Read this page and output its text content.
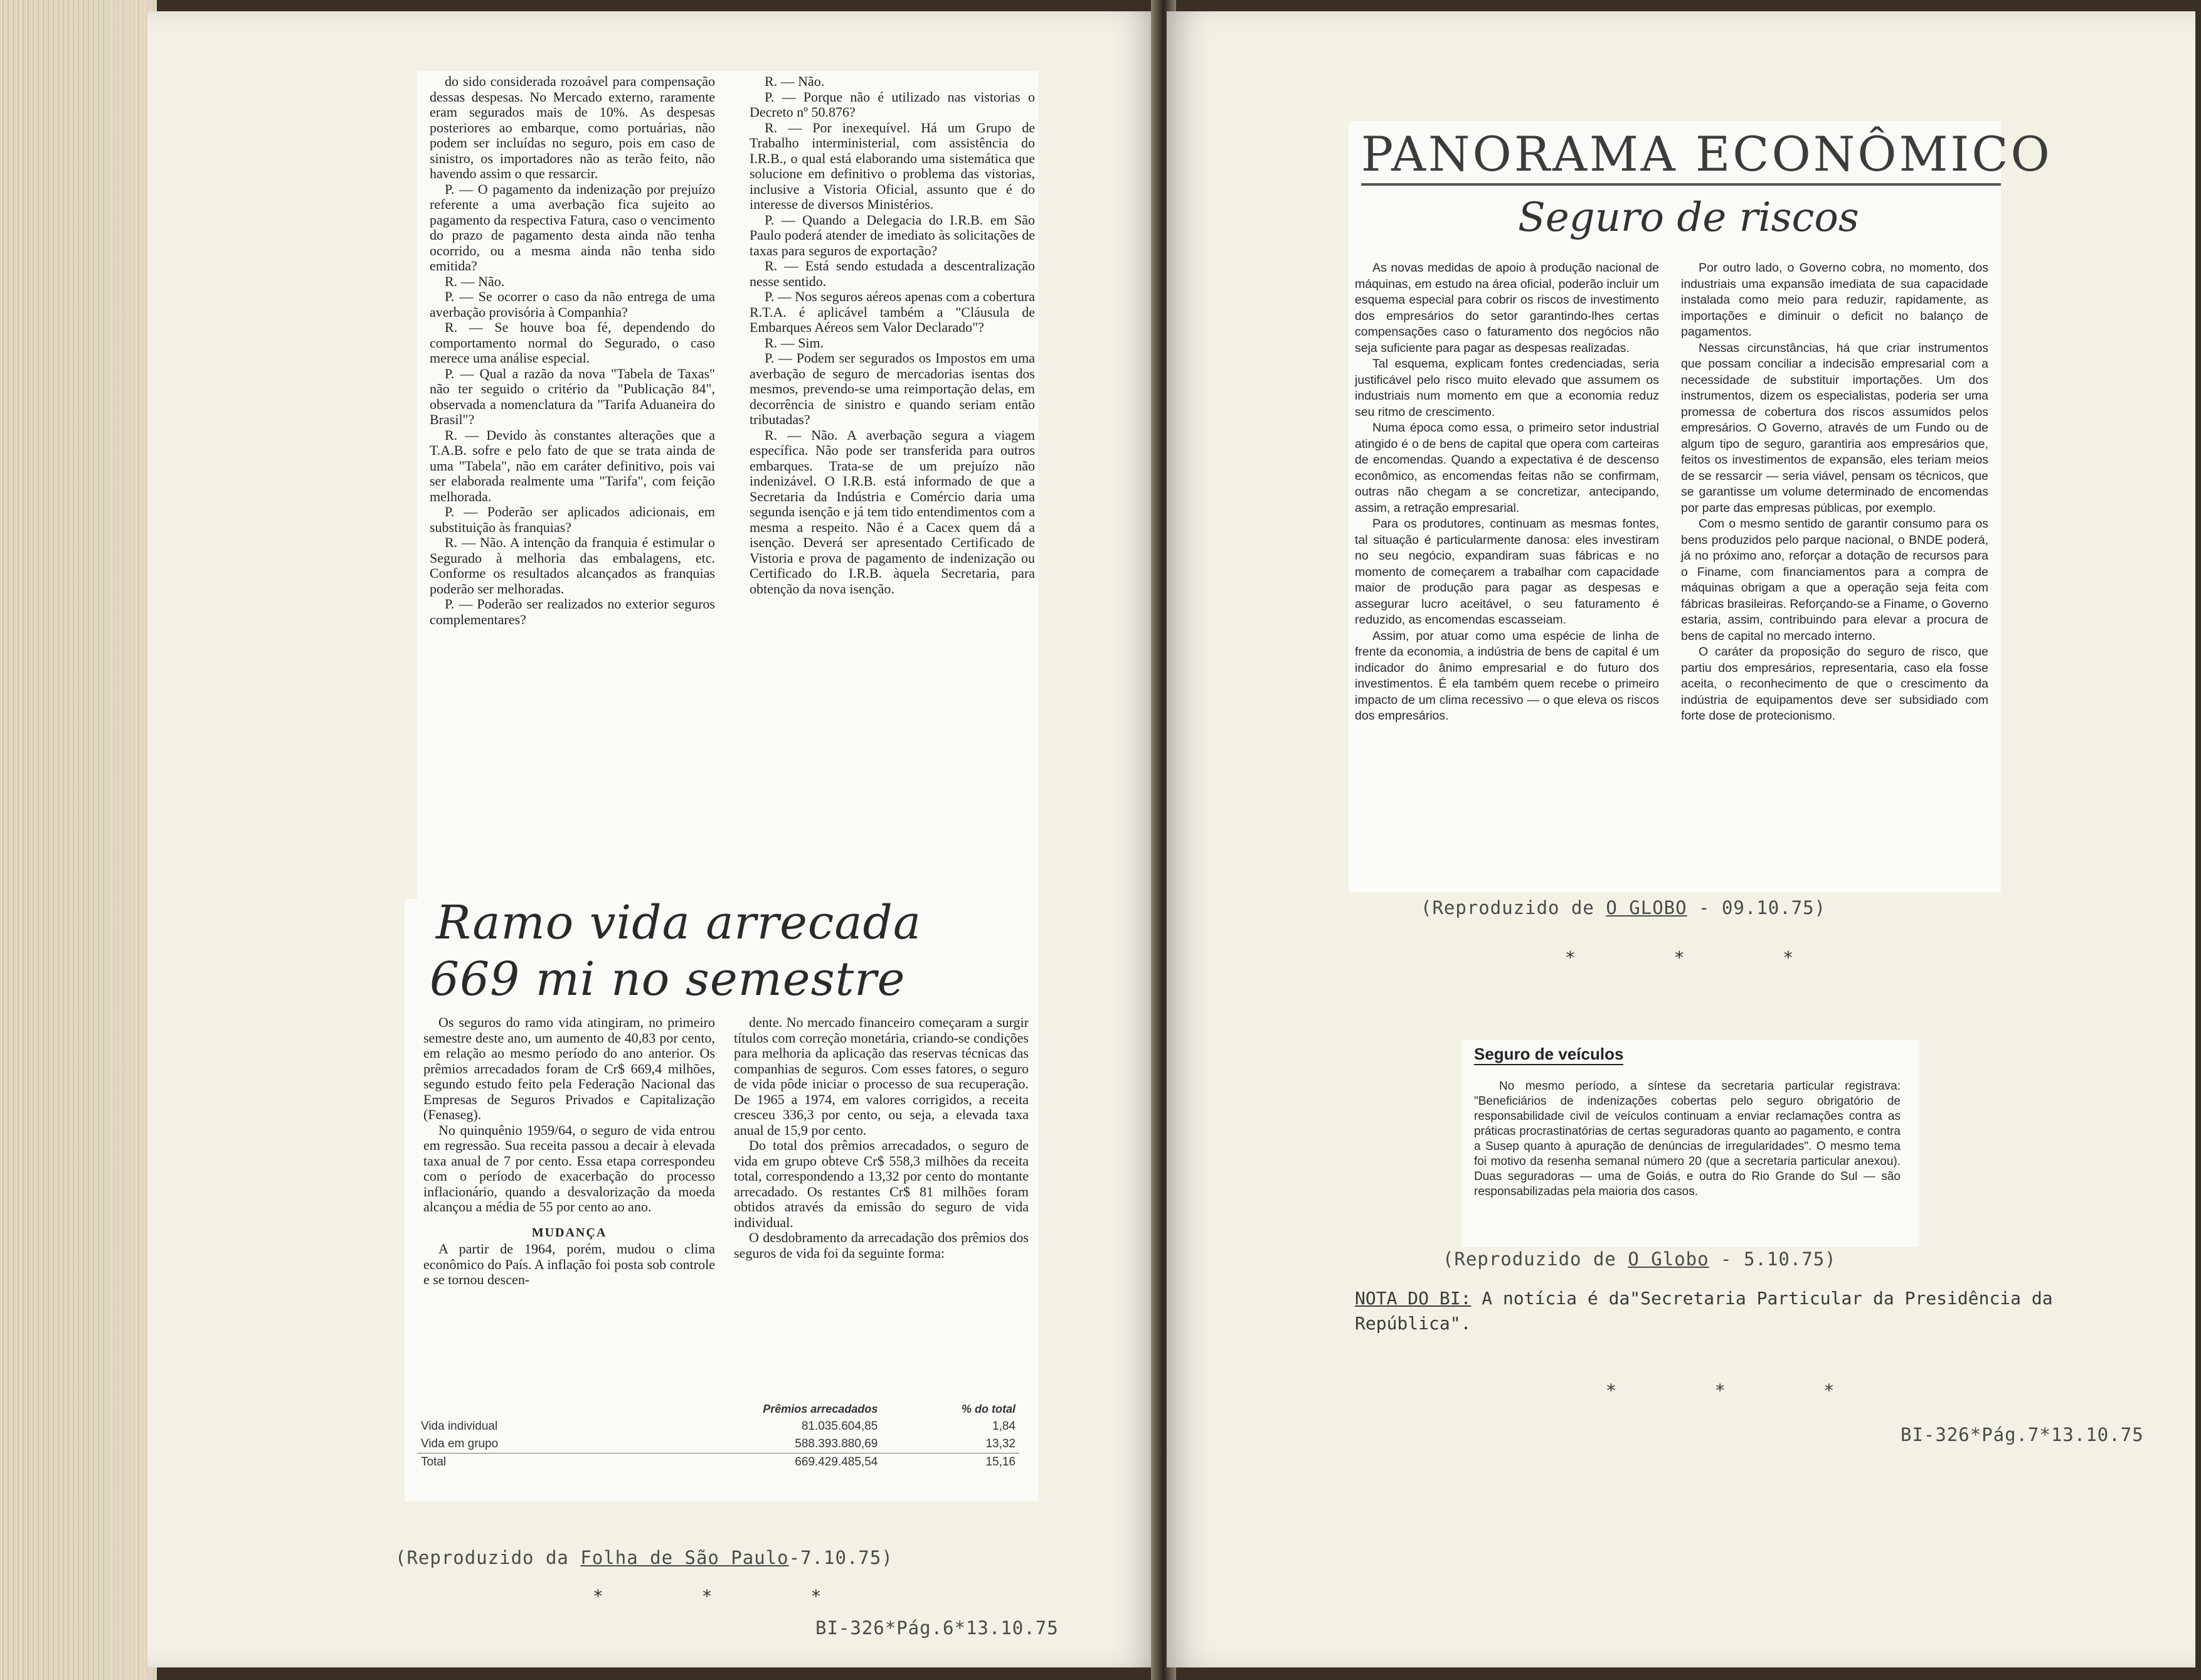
do sido considerada rozoável para compensação dessas despesas. No Mercado externo, raramente eram segurados mais de 10%. As despesas posteriores ao embarque, como portuárias, não podem ser incluídas no seguro, pois em caso de sinistro, os importadores não as terão feito, não havendo assim o que ressarcir.

P. — O pagamento da indenização por prejuízo referente a uma averbação fica sujeito ao pagamento da respectiva Fatura, caso o vencimento do prazo de pagamento desta ainda não tenha ocorrido, ou a mesma ainda não tenha sido emitida?

R. — Não.

P. — Se ocorrer o caso da não entrega de uma averbação provisória à Companhia?

R. — Se houve boa fé, dependendo do comportamento normal do Segurado, o caso merece uma análise especial.

P. — Qual a razão da nova "Tabela de Taxas" não ter seguido o critério da "Publicação 84", observada a nomenclatura da "Tarifa Aduaneira do Brasil"?

R. — Devido às constantes alterações que a T.A.B. sofre e pelo fato de que se trata ainda de uma "Tabela", não em caráter definitivo, pois vai ser elaborada realmente uma "Tarifa", com feição melhorada.

P. — Poderão ser aplicados adicionais, em substituição às franquias?

R. — Não. A intenção da franquia é estimular o Segurado à melhoria das embalagens, etc. Conforme os resultados alcançados as franquias poderão ser melhoradas.

P. — Poderão ser realizados no exterior seguros complementares?

R. — Não.

P. — Porque não é utilizado nas vistorias o Decreto nº 50.876?

R. — Por inexequível. Há um Grupo de Trabalho interministerial, com assistência do I.R.B., o qual está elaborando uma sistemática que solucione em definitivo o problema das vistorias, inclusive a Vistoria Oficial, assunto que é do interesse de diversos Ministérios.

P. — Quando a Delegacia do I.R.B. em São Paulo poderá atender de imediato às solicitações de taxas para seguros de exportação?

R. — Está sendo estudada a descentralização nesse sentido.

P. — Nos seguros aéreos apenas com a cobertura R.T.A. é aplicável também a "Cláusula de Embarques Aéreos sem Valor Declarado"?

R. — Sim.

P. — Podem ser segurados os Impostos em uma averbação de seguro de mercadorias isentas dos mesmos, prevendo-se uma reimportação delas, em decorrência de sinistro e quando seriam então tributadas?

R. — Não. A averbação segura a viagem específica. Não pode ser transferida para outros embarques. Trata-se de um prejuízo não indenizável. O I.R.B. está informado de que a Secretaria da Indústria e Comércio daria uma segunda isenção e já tem tido entendimentos com a mesma a respeito. Não é a Cacex quem dá a isenção. Deverá ser apresentado Certificado de Vistoria e prova de pagamento de indenização ou Certificado do I.R.B. àquela Secretaria, para obtenção da nova isenção.

Ramo vida arrecada
669 mi no semestre

Os seguros do ramo vida atingiram, no primeiro semestre deste ano, um aumento de 40,83 por cento, em relação ao mesmo período do ano anterior. Os prêmios arrecadados foram de Cr$ 669,4 milhões, segundo estudo feito pela Federação Nacional das Empresas de Seguros Privados e Capitalização (Fenaseg).

No quinquênio 1959/64, o seguro de vida entrou em regressão. Sua receita passou a decair à elevada taxa anual de 7 por cento. Essa etapa correspondeu com o período de exacerbação do processo inflacionário, quando a desvalorização da moeda alcançou a média de 55 por cento ao ano.

MUDANÇA

A partir de 1964, porém, mudou o clima econômico do País. A inflação foi posta sob controle e se tornou descen-

dente. No mercado financeiro começaram a surgir títulos com correção monetária, criando-se condições para melhoria da aplicação das reservas técnicas das companhias de seguros. Com esses fatores, o seguro de vida pôde iniciar o processo de sua recuperação. De 1965 a 1974, em valores corrigidos, a receita cresceu 336,3 por cento, ou seja, a elevada taxa anual de 15,9 por cento.

Do total dos prêmios arrecadados, o seguro de vida em grupo obteve Cr$ 558,3 milhões da receita total, correspondendo a 13,32 por cento do montante arrecadado. Os restantes Cr$ 81 milhões foram obtidos através da emissão do seguro de vida individual.

O desdobramento da arrecadação dos prêmios dos seguros de vida foi da seguinte forma:

	Prêmios arrecadados	% do total
Vida individual	81.035.604,85	1,84
Vida em grupo	588.393.880,69	13,32
Total	669.429.485,54	15,16
(Reproduzido da Folha de São Paulo-7.10.75)
* * *
BI-326*Pág.6*13.10.75
PANORAMA ECONÔMICO
Seguro de riscos

As novas medidas de apoio à produção nacional de máquinas, em estudo na área oficial, poderão incluir um esquema especial para cobrir os riscos de investimento dos empresários do setor garantindo-lhes certas compensações caso o faturamento dos negócios não seja suficiente para pagar as despesas realizadas.

Tal esquema, explicam fontes credenciadas, seria justificável pelo risco muito elevado que assumem os industriais num momento em que a economia reduz seu ritmo de crescimento.

Numa época como essa, o primeiro setor industrial atingido é o de bens de capital que opera com carteiras de encomendas. Quando a expectativa é de descenso econômico, as encomendas feitas não se confirmam, outras não chegam a se concretizar, antecipando, assim, a retração empresarial.

Para os produtores, continuam as mesmas fontes, tal situação é particularmente danosa: eles investiram no seu negócio, expandiram suas fábricas e no momento de começarem a trabalhar com capacidade maior de produção para pagar as despesas e assegurar lucro aceitável, o seu faturamento é reduzido, as encomendas escasseiam.

Assim, por atuar como uma espécie de linha de frente da economia, a indústria de bens de capital é um indicador do ânimo empresarial e do futuro dos investimentos. É ela também quem recebe o primeiro impacto de um clima recessivo — o que eleva os riscos dos empresários.

Por outro lado, o Governo cobra, no momento, dos industriais uma expansão imediata de sua capacidade instalada como meio para reduzir, rapidamente, as importações e diminuir o deficit no balanço de pagamentos.

Nessas circunstâncias, há que criar instrumentos que possam conciliar a indecisão empresarial com a necessidade de substituir importações. Um dos instrumentos, dizem os especialistas, poderia ser uma promessa de cobertura dos riscos assumidos pelos empresários. O Governo, através de um Fundo ou de algum tipo de seguro, garantiria aos empresários que, feitos os investimentos de expansão, eles teriam meios de se ressarcir — seria viável, pensam os técnicos, que se garantisse um volume determinado de encomendas por parte das empresas públicas, por exemplo.

Com o mesmo sentido de garantir consumo para os bens produzidos pelo parque nacional, o BNDE poderá, já no próximo ano, reforçar a dotação de recursos para o Finame, com financiamentos para a compra de máquinas obrigam a que a operação seja feita com fábricas brasileiras. Reforçando-se a Finame, o Governo estaria, assim, contribuindo para elevar a procura de bens de capital no mercado interno.

O caráter da proposição do seguro de risco, que partiu dos empresários, representaria, caso ela fosse aceita, o reconhecimento de que o crescimento da indústria de equipamentos deve ser subsidiado com forte dose de protecionismo.

(Reproduzido de O GLOBO - 09.10.75)
* * *
Seguro de veículos

No mesmo período, a síntese da secretaria particular registrava: "Beneficiários de indenizações cobertas pelo seguro obrigatório de responsabilidade civil de veículos continuam a enviar reclamações contra as práticas procrastinatórias de certas seguradoras quanto ao pagamento, e contra a Susep quanto à apuração de denúncias de irregularidades". O mesmo tema foi motivo da resenha semanal número 20 (que a secretaria particular anexou). Duas seguradoras — uma de Goiás, e outra do Rio Grande do Sul — são responsabilizadas pela maioria dos casos.

(Reproduzido de O Globo - 5.10.75)
NOTA DO BI: A notícia é da"Secretaria Particular da Presidência da República".
* * *
BI-326*Pág.7*13.10.75
